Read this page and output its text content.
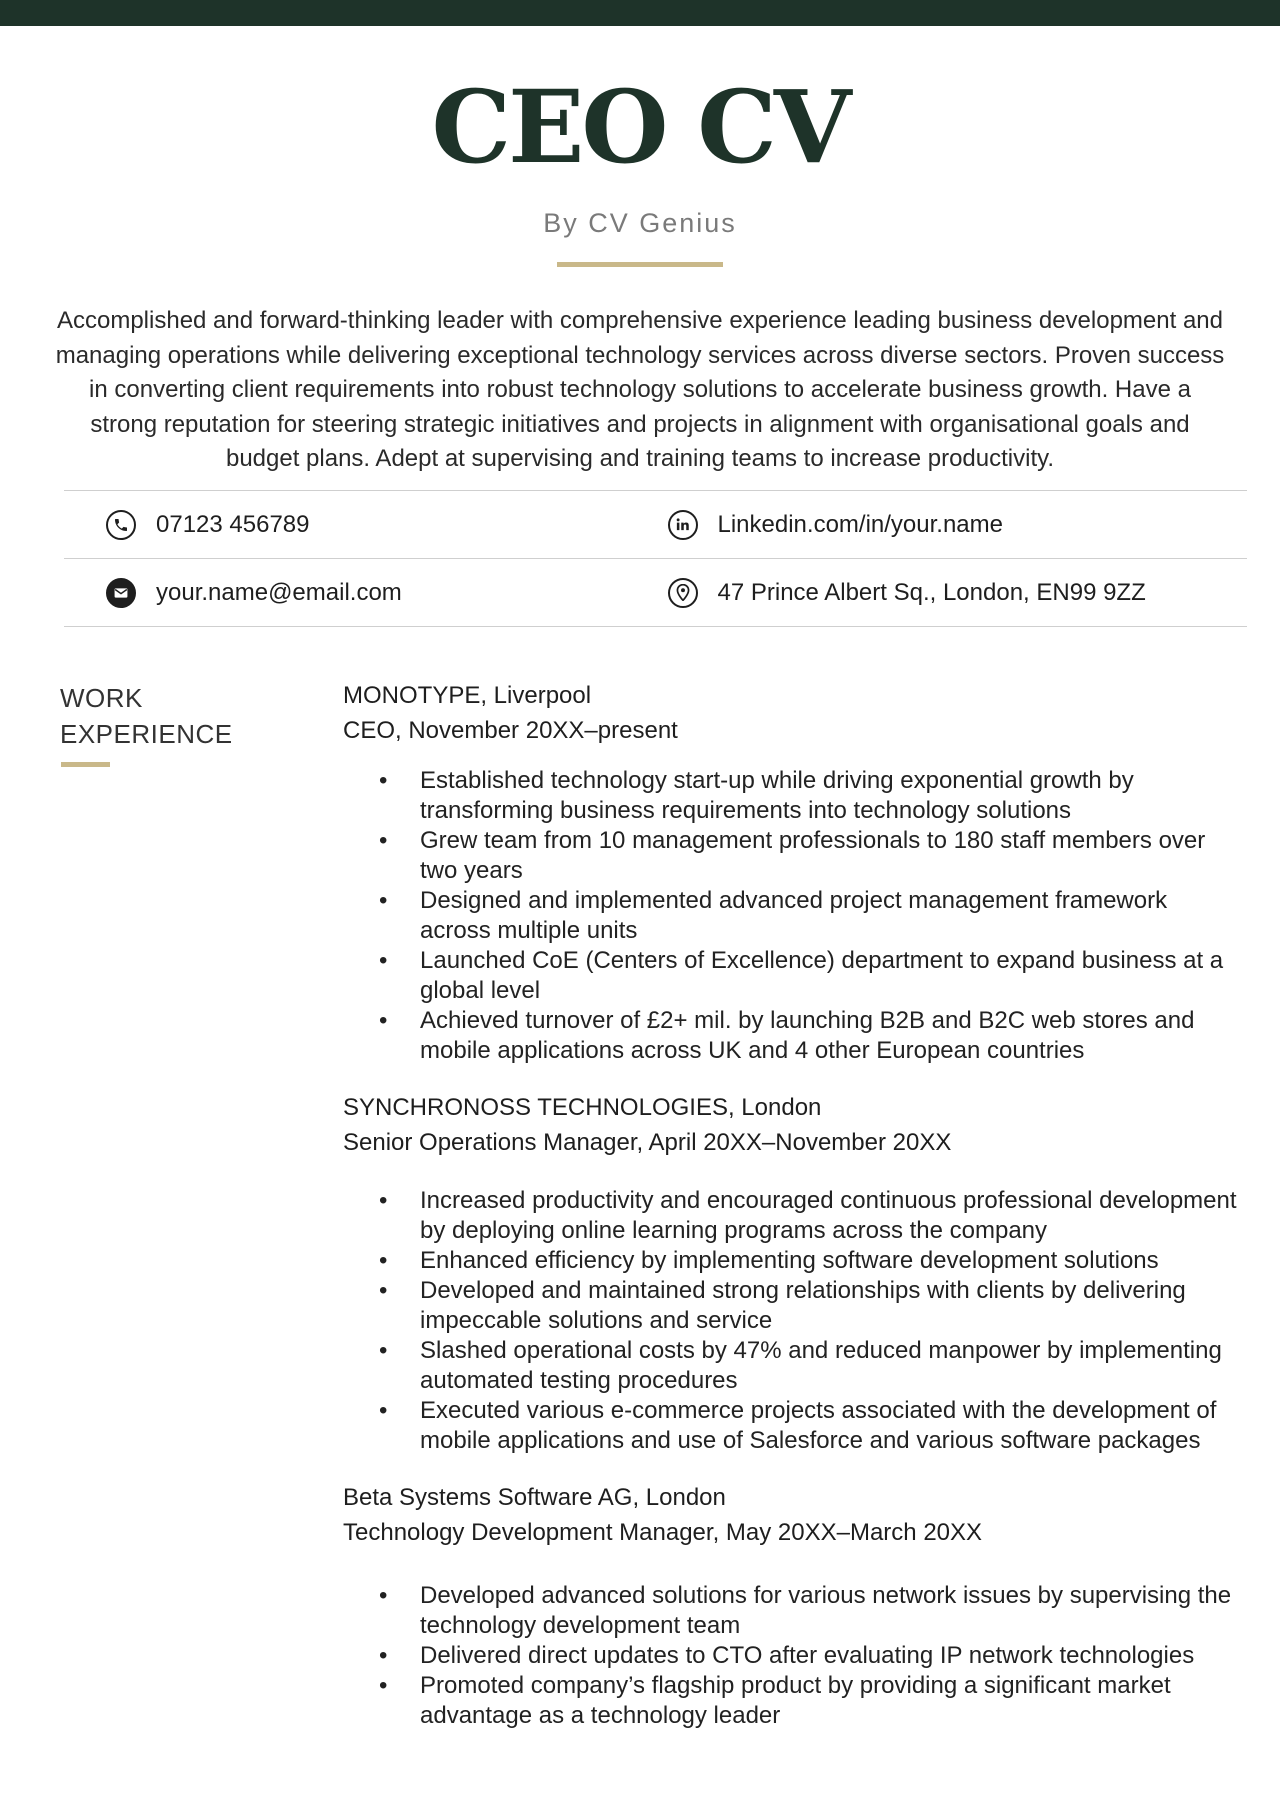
CEO CV
By CV Genius
Accomplished and forward-thinking leader with comprehensive experience leading business development and managing operations while delivering exceptional technology services across diverse sectors. Proven success in converting client requirements into robust technology solutions to accelerate business growth. Have a strong reputation for steering strategic initiatives and projects in alignment with organisational goals and budget plans. Adept at supervising and training teams to increase productivity.
07123 456789	Linkedin.com/in/your.name
your.name@email.com	47 Prince Albert Sq., London, EN99 9ZZ
WORK
EXPERIENCE
MONOTYPE, Liverpool
CEO, November 20XX–present
• Established technology start-up while driving exponential growth by transforming business requirements into technology solutions
• Grew team from 10 management professionals to 180 staff members over two years
• Designed and implemented advanced project management framework across multiple units
• Launched CoE (Centers of Excellence) department to expand business at a global level
• Achieved turnover of £2+ mil. by launching B2B and B2C web stores and mobile applications across UK and 4 other European countries
SYNCHRONOSS TECHNOLOGIES, London
Senior Operations Manager, April 20XX–November 20XX
• Increased productivity and encouraged continuous professional development by deploying online learning programs across the company
• Enhanced efficiency by implementing software development solutions
• Developed and maintained strong relationships with clients by delivering impeccable solutions and service
• Slashed operational costs by 47% and reduced manpower by implementing automated testing procedures
• Executed various e-commerce projects associated with the development of mobile applications and use of Salesforce and various software packages
Beta Systems Software AG, London
Technology Development Manager, May 20XX–March 20XX
• Developed advanced solutions for various network issues by supervising the technology development team
• Delivered direct updates to CTO after evaluating IP network technologies
• Promoted company’s flagship product by providing a significant market advantage as a technology leader
